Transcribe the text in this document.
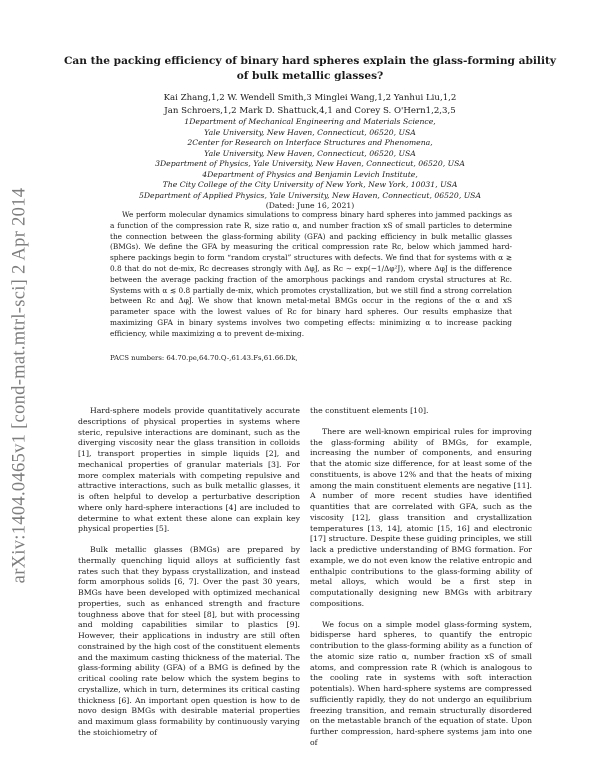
arXiv:1404.0465v1 [cond-mat.mtrl-sci] 2 Apr 2014
Can the packing efficiency of binary hard spheres explain the glass-forming ability of bulk metallic glasses?
Kai Zhang,1,2 W. Wendell Smith,3 Minglei Wang,1,2 Yanhui Liu,1,2
Jan Schroers,1,2 Mark D. Shattuck,4,1 and Corey S. O'Hern1,2,3,5
1Department of Mechanical Engineering and Materials Science,
Yale University, New Haven, Connecticut, 06520, USA
2Center for Research on Interface Structures and Phenomena,
Yale University, New Haven, Connecticut, 06520, USA
3Department of Physics, Yale University, New Haven, Connecticut, 06520, USA
4Department of Physics and Benjamin Levich Institute,
The City College of the City University of New York, New York, 10031, USA
5Department of Applied Physics, Yale University, New Haven, Connecticut, 06520, USA
(Dated: June 16, 2021)

We perform molecular dynamics simulations to compress binary hard spheres into jammed packings as a function of the compression rate R, size ratio α, and number fraction xS of small particles to determine the connection between the glass-forming ability (GFA) and packing efficiency in bulk metallic glasses (BMGs). We define the GFA by measuring the critical compression rate Rc, below which jammed hard-sphere packings begin to form “random crystal” structures with defects. We find that for systems with α ≳ 0.8 that do not de-mix, Rc decreases strongly with ΔφJ, as Rc ∼ exp(−1/Δφ²J), where ΔφJ is the difference between the average packing fraction of the amorphous packings and random crystal structures at Rc. Systems with α ≲ 0.8 partially de-mix, which promotes crystallization, but we still find a strong correlation between Rc and ΔφJ. We show that known metal-metal BMGs occur in the regions of the α and xS parameter space with the lowest values of Rc for binary hard spheres. Our results emphasize that maximizing GFA in binary systems involves two competing effects: minimizing α to increase packing efficiency, while maximizing α to prevent de-mixing.

PACS numbers: 64.70.pe,64.70.Q-,61.43.Fs,61.66.Dk,

Hard-sphere models provide quantitatively accurate descriptions of physical properties in systems where steric, repulsive interactions are dominant, such as the diverging viscosity near the glass transition in colloids [1], transport properties in simple liquids [2], and mechanical properties of granular materials [3]. For more complex materials with competing repulsive and attractive interactions, such as bulk metallic glasses, it is often helpful to develop a perturbative description where only hard-sphere interactions [4] are included to determine to what extent these alone can explain key physical properties [5].

Bulk metallic glasses (BMGs) are prepared by thermally quenching liquid alloys at sufficiently fast rates such that they bypass crystallization, and instead form amorphous solids [6, 7]. Over the past 30 years, BMGs have been developed with optimized mechanical properties, such as enhanced strength and fracture toughness above that for steel [8], but with processing and molding capabilities similar to plastics [9]. However, their applications in industry are still often constrained by the high cost of the constituent elements and the maximum casting thickness of the material. The glass-forming ability (GFA) of a BMG is defined by the critical cooling rate below which the system begins to crystallize, which in turn, determines its critical casting thickness [6]. An important open question is how to de novo design BMGs with desirable material properties and maximum glass formability by continuously varying the stoichiometry of

the constituent elements [10].

There are well-known empirical rules for improving the glass-forming ability of BMGs, for example, increasing the number of components, and ensuring that the atomic size difference, for at least some of the constituents, is above 12% and that the heats of mixing among the main constituent elements are negative [11]. A number of more recent studies have identified quantities that are correlated with GFA, such as the viscosity [12], glass transition and crystallization temperatures [13, 14], atomic [15, 16] and electronic [17] structure. Despite these guiding principles, we still lack a predictive understanding of BMG formation. For example, we do not even know the relative entropic and enthalpic contributions to the glass-forming ability of metal alloys, which would be a first step in computationally designing new BMGs with arbitrary compositions.

We focus on a simple model glass-forming system, bidisperse hard spheres, to quantify the entropic contribution to the glass-forming ability as a function of the atomic size ratio α, number fraction xS of small atoms, and compression rate R (which is analogous to the cooling rate in systems with soft interaction potentials). When hard-sphere systems are compressed sufficiently rapidly, they do not undergo an equilibrium freezing transition, and remain structurally disordered on the metastable branch of the equation of state. Upon further compression, hard-sphere systems jam into one of
